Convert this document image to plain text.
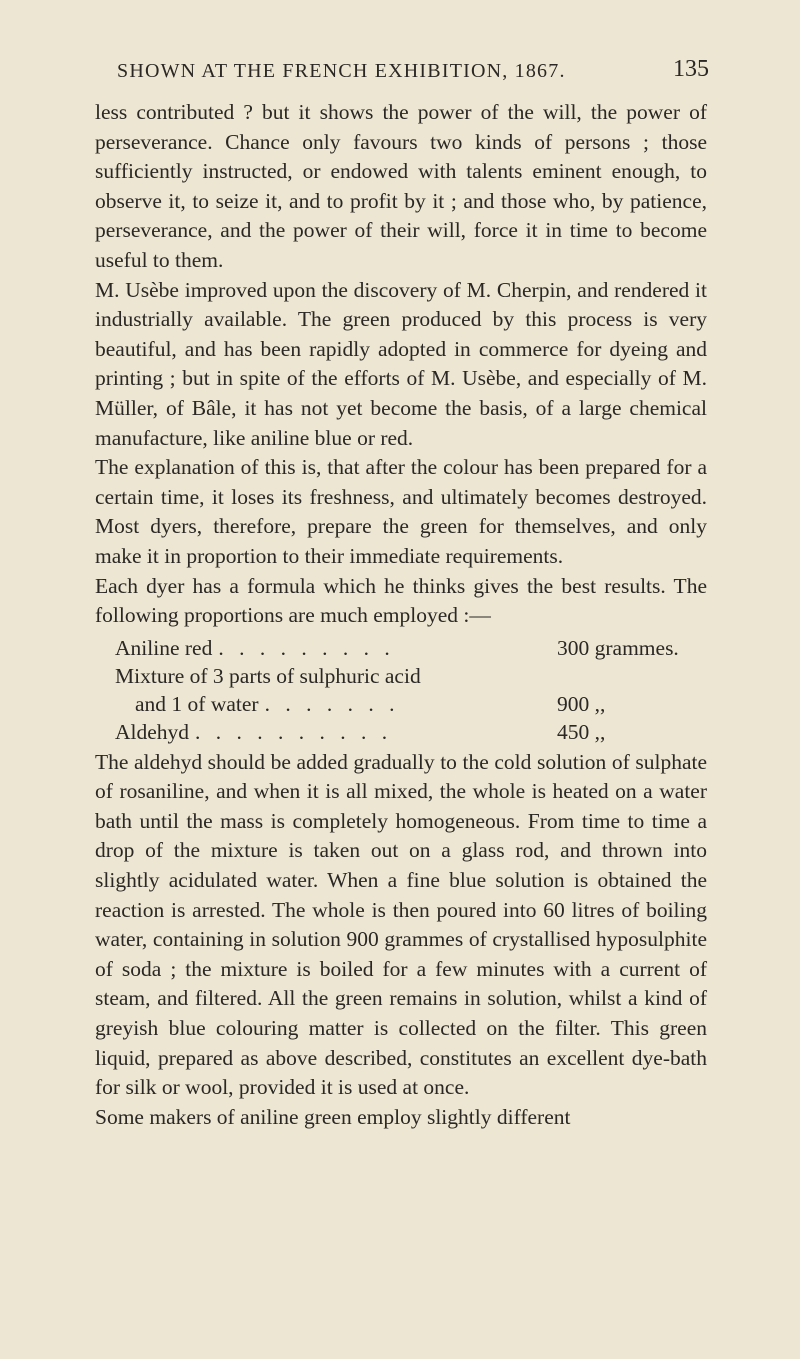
SHOWN AT THE FRENCH EXHIBITION, 1867.	135

less contributed ? but it shows the power of the will, the power of perseverance. Chance only favours two kinds of persons ; those sufficiently instructed, or endowed with talents eminent enough, to observe it, to seize it, and to profit by it ; and those who, by patience, perseverance, and the power of their will, force it in time to become useful to them.

M. Usèbe improved upon the discovery of M. Cherpin, and rendered it industrially available. The green produced by this process is very beautiful, and has been rapidly adopted in commerce for dyeing and printing ; but in spite of the efforts of M. Usèbe, and especially of M. Müller, of Bâle, it has not yet become the basis, of a large chemical manufacture, like aniline blue or red.

The explanation of this is, that after the colour has been prepared for a certain time, it loses its freshness, and ultimately becomes destroyed. Most dyers, therefore, prepare the green for themselves, and only make it in proportion to their immediate requirements.

Each dyer has a formula which he thinks gives the best results. The following proportions are much employed :—

Aniline red . . . . . . . . .	300 grammes.
Mixture of 3 parts of sulphuric acid
and 1 of water . . . . . . .	900 ,,
Aldehyd . . . . . . . . . .	450 ,,

The aldehyd should be added gradually to the cold solution of sulphate of rosaniline, and when it is all mixed, the whole is heated on a water bath until the mass is completely homogeneous. From time to time a drop of the mixture is taken out on a glass rod, and thrown into slightly acidulated water. When a fine blue solution is obtained the reaction is arrested. The whole is then poured into 60 litres of boiling water, containing in solution 900 grammes of crystallised hyposulphite of soda ; the mixture is boiled for a few minutes with a current of steam, and filtered. All the green remains in solution, whilst a kind of greyish blue colouring matter is collected on the filter. This green liquid, prepared as above described, constitutes an excellent dye-bath for silk or wool, provided it is used at once.

Some makers of aniline green employ slightly different
